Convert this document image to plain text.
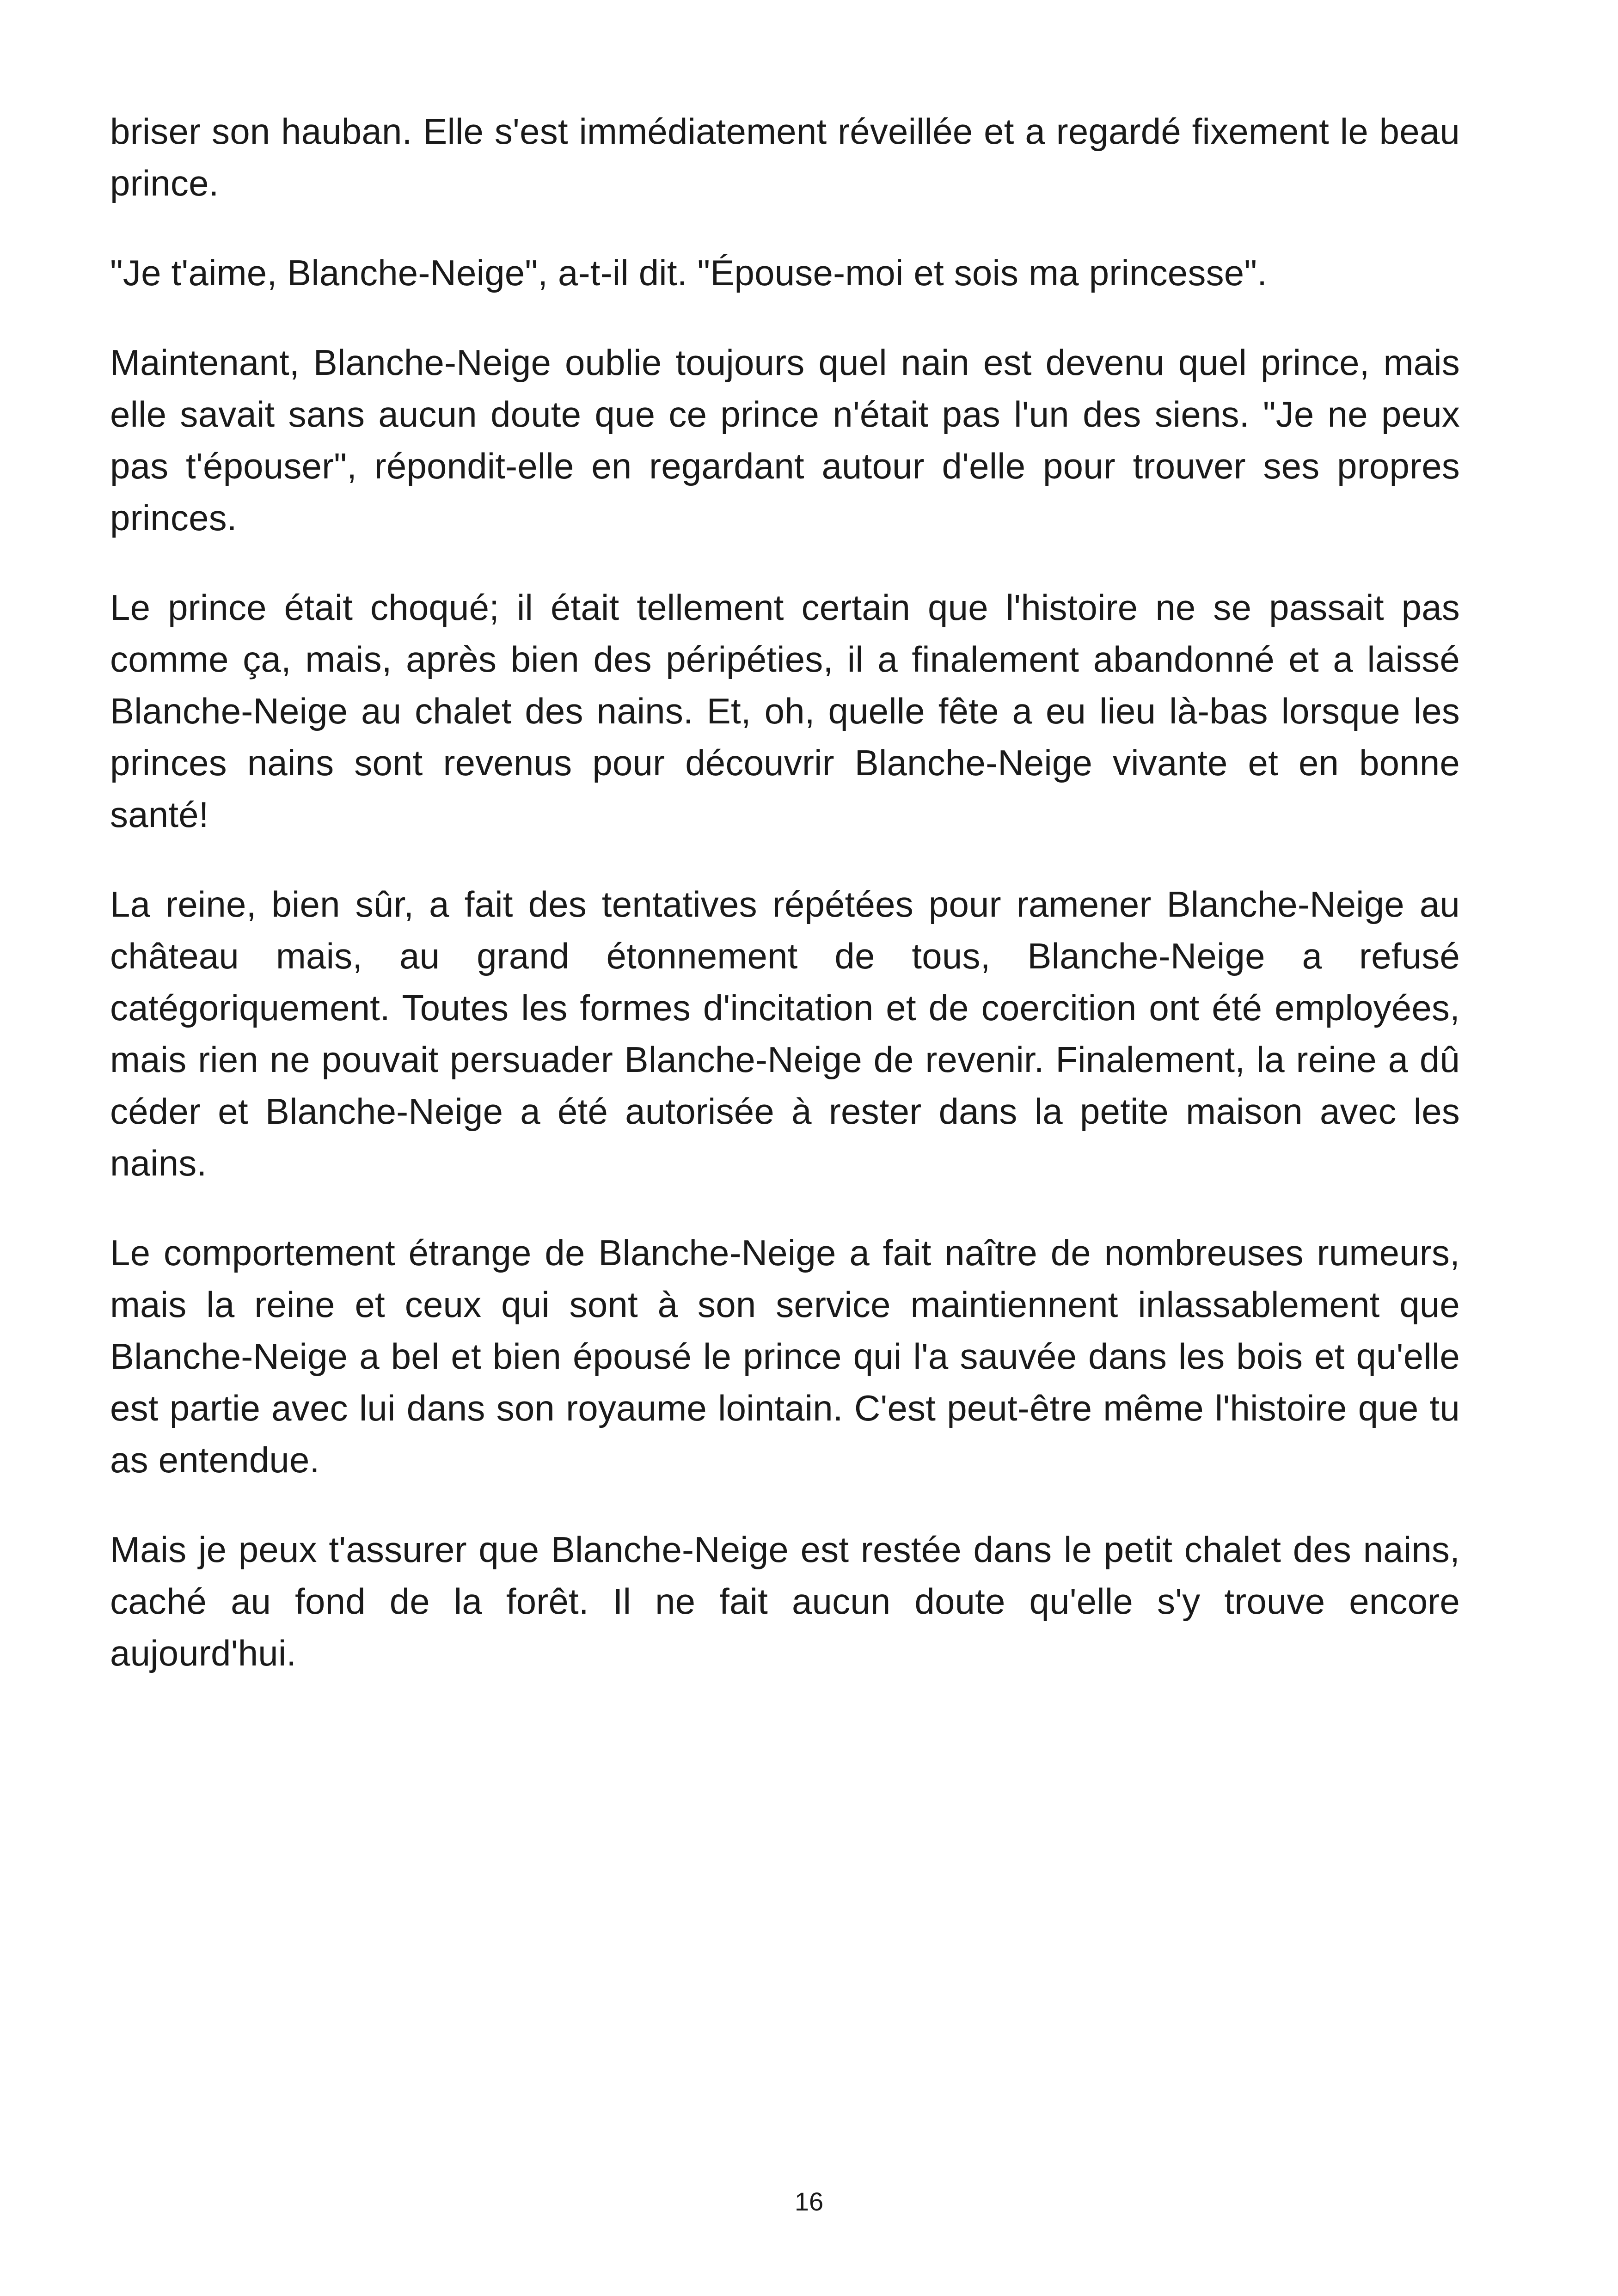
briser son hauban. Elle s'est immédiatement réveillée et a regardé fixement le beau prince.

"Je t'aime, Blanche-Neige", a-t-il dit. "Épouse-moi et sois ma princesse".

Maintenant, Blanche-Neige oublie toujours quel nain est devenu quel prince, mais elle savait sans aucun doute que ce prince n'était pas l'un des siens. "Je ne peux pas t'épouser", répondit-elle en regardant autour d'elle pour trouver ses propres princes.

Le prince était choqué; il était tellement certain que l'histoire ne se passait pas comme ça, mais, après bien des péripéties, il a finalement abandonné et a laissé Blanche-Neige au chalet des nains. Et, oh, quelle fête a eu lieu là-bas lorsque les princes nains sont revenus pour découvrir Blanche-Neige vivante et en bonne santé!

La reine, bien sûr, a fait des tentatives répétées pour ramener Blanche-Neige au château mais, au grand étonnement de tous, Blanche-Neige a refusé catégoriquement. Toutes les formes d'incitation et de coercition ont été employées, mais rien ne pouvait persuader Blanche-Neige de revenir. Finalement, la reine a dû céder et Blanche-Neige a été autorisée à rester dans la petite maison avec les nains.

Le comportement étrange de Blanche-Neige a fait naître de nombreuses rumeurs, mais la reine et ceux qui sont à son service maintiennent inlassablement que Blanche-Neige a bel et bien épousé le prince qui l'a sauvée dans les bois et qu'elle est partie avec lui dans son royaume lointain. C'est peut-être même l'histoire que tu as entendue.

Mais je peux t'assurer que Blanche-Neige est restée dans le petit chalet des nains, caché au fond de la forêt. Il ne fait aucun doute qu'elle s'y trouve encore aujourd'hui.

16
